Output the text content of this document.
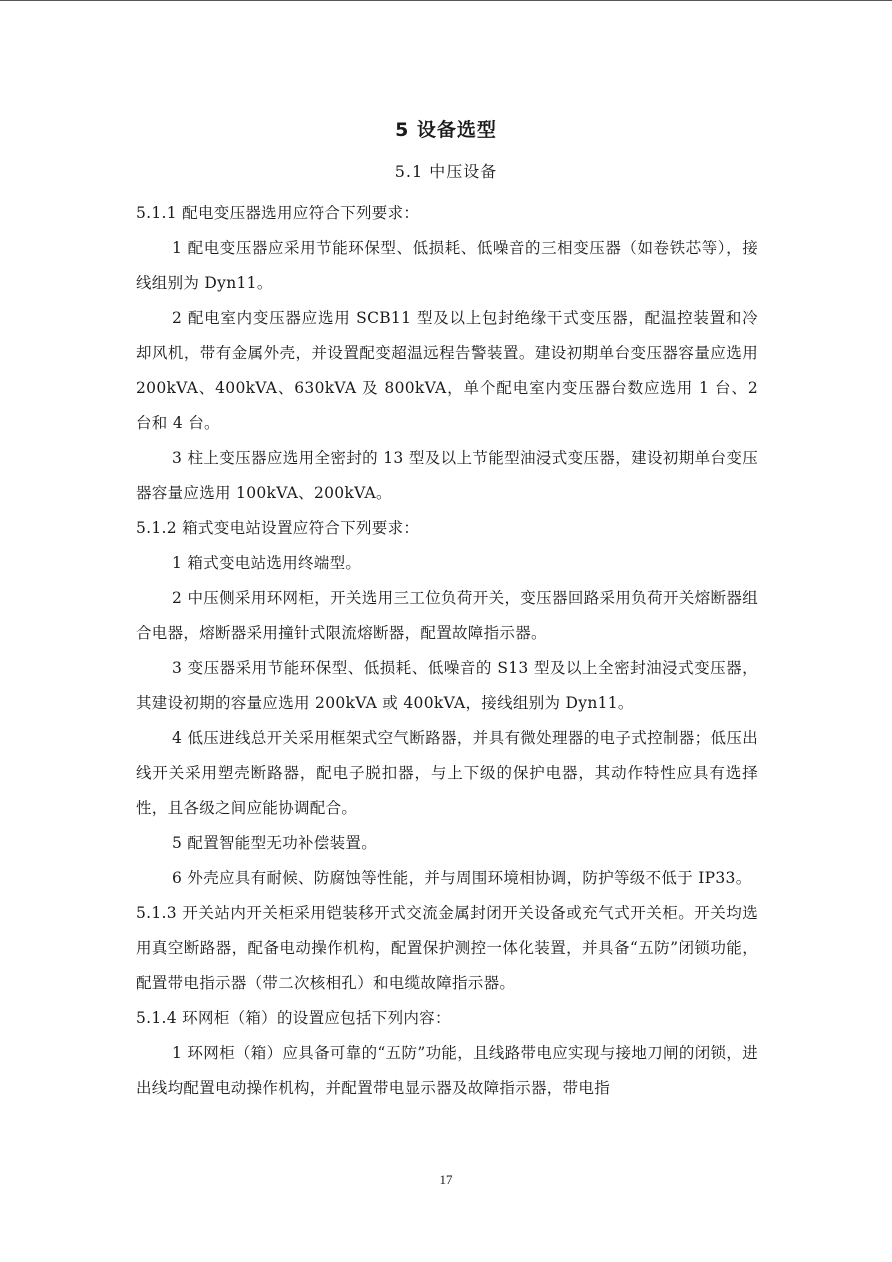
5 设备选型
5.1 中压设备

5.1.1 配电变压器选用应符合下列要求：

1 配电变压器应采用节能环保型、低损耗、低噪音的三相变压器（如卷铁芯等），接线组别为 Dyn11。

2 配电室内变压器应选用 SCB11 型及以上包封绝缘干式变压器，配温控装置和冷却风机，带有金属外壳，并设置配变超温远程告警装置。建设初期单台变压器容量应选用 200kVA、400kVA、630kVA 及 800kVA，单个配电室内变压器台数应选用 1 台、2 台和 4 台。

3 柱上变压器应选用全密封的 13 型及以上节能型油浸式变压器，建设初期单台变压器容量应选用 100kVA、200kVA。

5.1.2 箱式变电站设置应符合下列要求：

1 箱式变电站选用终端型。

2 中压侧采用环网柜，开关选用三工位负荷开关，变压器回路采用负荷开关熔断器组合电器，熔断器采用撞针式限流熔断器，配置故障指示器。

3 变压器采用节能环保型、低损耗、低噪音的 S13 型及以上全密封油浸式变压器，其建设初期的容量应选用 200kVA 或 400kVA，接线组别为 Dyn11。

4 低压进线总开关采用框架式空气断路器，并具有微处理器的电子式控制器；低压出线开关采用塑壳断路器，配电子脱扣器，与上下级的保护电器，其动作特性应具有选择性，且各级之间应能协调配合。

5 配置智能型无功补偿装置。

6 外壳应具有耐候、防腐蚀等性能，并与周围环境相协调，防护等级不低于 IP33。

5.1.3 开关站内开关柜采用铠装移开式交流金属封闭开关设备或充气式开关柜。开关均选用真空断路器，配备电动操作机构，配置保护测控一体化装置，并具备“五防”闭锁功能，配置带电指示器（带二次核相孔）和电缆故障指示器。

5.1.4 环网柜（箱）的设置应包括下列内容：

1 环网柜（箱）应具备可靠的“五防”功能，且线路带电应实现与接地刀闸的闭锁，进出线均配置电动操作机构，并配置带电显示器及故障指示器，带电指

17
